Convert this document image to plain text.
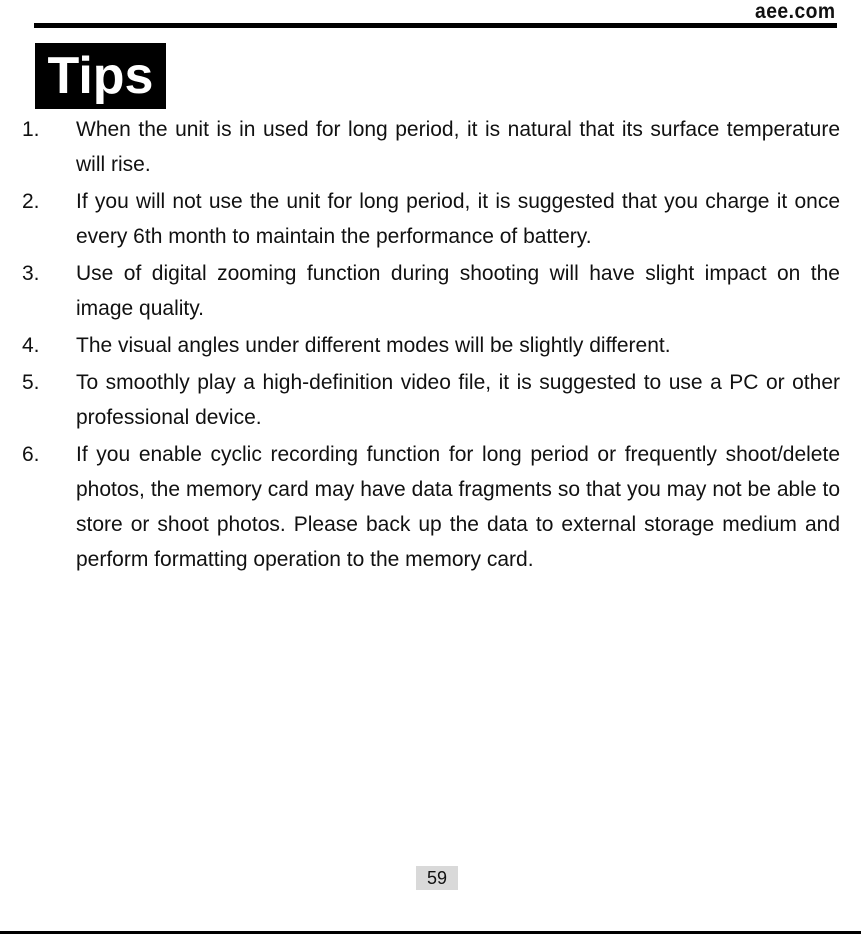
aee.com
Tips
1.	When the unit is in used for long period, it is natural that its surface temperature will rise.
2.	If you will not use the unit for long period, it is suggested that you charge it once every 6th month to maintain the performance of battery.
3.	Use of digital zooming function during shooting will have slight impact on the image quality.
4.	The visual angles under different modes will be slightly different.
5.	To smoothly play a high-definition video file, it is suggested to use a PC or other professional device.
6.	If you enable cyclic recording function for long period or frequently shoot/delete photos, the memory card may have data fragments so that you may not be able to store or shoot photos. Please back up the data to external storage medium and perform formatting operation to the memory card.
59
